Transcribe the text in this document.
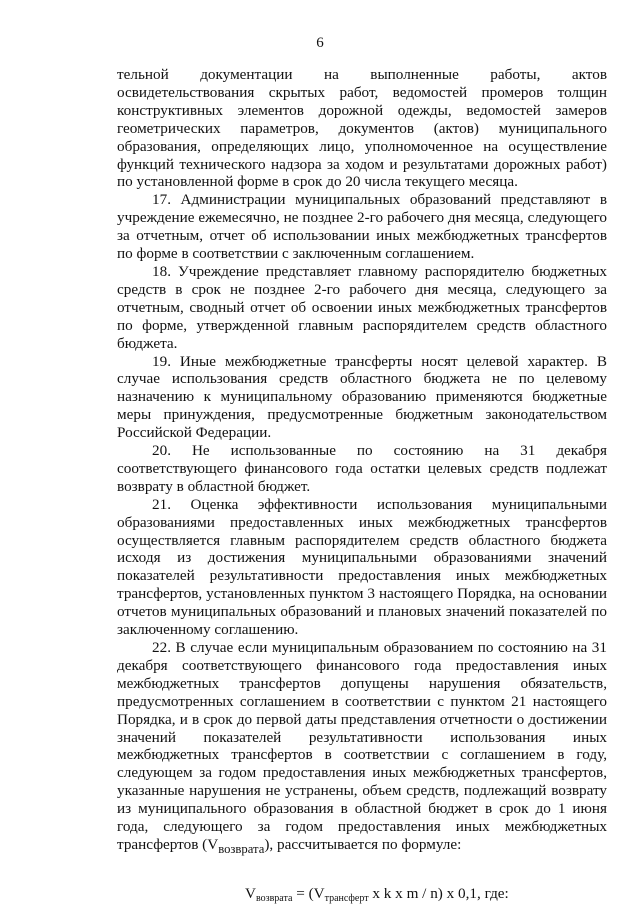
6

тельной документации на выполненные работы, актов освидетельствования скрытых работ, ведомостей промеров толщин конструктивных элементов дорожной одежды, ведомостей замеров геометрических параметров, документов (актов) муниципального образования, определяющих лицо, уполномоченное на осуществление функций технического надзора за ходом и результатами дорожных работ) по установленной форме в срок до 20 числа текущего месяца.

17. Администрации муниципальных образований представляют в учреждение ежемесячно, не позднее 2-го рабочего дня месяца, следующего за отчетным, отчет об использовании иных межбюджетных трансфертов по форме в соответствии с заключенным соглашением.

18. Учреждение представляет главному распорядителю бюджетных средств в срок не позднее 2-го рабочего дня месяца, следующего за отчетным, сводный отчет об освоении иных межбюджетных трансфертов по форме, утвержденной главным распорядителем средств областного бюджета.

19. Иные межбюджетные трансферты носят целевой характер. В случае использования средств областного бюджета не по целевому назначению к муниципальному образованию применяются бюджетные меры принуждения, предусмотренные бюджетным законодательством Российской Федерации.

20. Не использованные по состоянию на 31 декабря соответствующего финансового года остатки целевых средств подлежат возврату в областной бюджет.

21. Оценка эффективности использования муниципальными образованиями предоставленных иных межбюджетных трансфертов осуществляется главным распорядителем средств областного бюджета исходя из достижения муниципальными образованиями значений показателей результативности предоставления иных межбюджетных трансфертов, установленных пунктом 3 настоящего Порядка, на основании отчетов муниципальных образований и плановых значений показателей по заключенному соглашению.

22. В случае если муниципальным образованием по состоянию на 31 декабря соответствующего финансового года предоставления иных межбюджетных трансфертов допущены нарушения обязательств, предусмотренных соглашением в соответствии с пунктом 21 настоящего Порядка, и в срок до первой даты представления отчетности о достижении значений показателей результативности использования иных межбюджетных трансфертов в соответствии с соглашением в году, следующем за годом предоставления иных межбюджетных трансфертов, указанные нарушения не устранены, объем средств, подлежащий возврату из муниципального образования в областной бюджет в срок до 1 июня года, следующего за годом предоставления иных межбюджетных трансфертов $(V_{возврата})$, рассчитывается по формуле:

$V_{возврата} = (V_{трансферт}$ x k x m / n) x 0,1, где:
